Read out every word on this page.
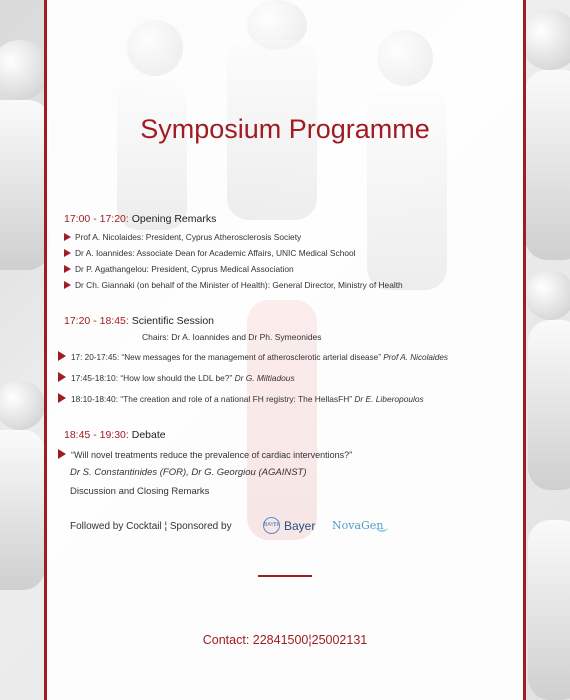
Symposium Programme
17:00 - 17:20: Opening Remarks
Prof A. Nicolaides: President, Cyprus Atherosclerosis Society
Dr A. Ioannides: Associate Dean for Academic Affairs, UNIC Medical School
Dr P. Agathangelou: President, Cyprus Medical Association
Dr Ch. Giannaki (on behalf of the Minister of Health): General Director, Ministry of Health
17:20 - 18:45: Scientific Session
Chairs: Dr A. Ioannides and Dr Ph. Symeonides
17: 20-17:45: “New messages for the management of atherosclerotic arterial disease” Prof A. Nicolaides
17:45-18:10: “How low should the LDL be?” Dr G. Miltiadous
18:10-18:40: “The creation and role of a national FH registry: The HellasFH” Dr E. Liberopoulos
18:45 - 19:30: Debate
“Will novel treatments reduce the prevalence of cardiac interventions?”
Dr S. Constantinides (FOR), Dr G. Georgiou (AGAINST)
Discussion and Closing Remarks
Followed by Cocktail ¦ Sponsored by	BAYER Bayer NovaGen
Contact: 22841500¦25002131
